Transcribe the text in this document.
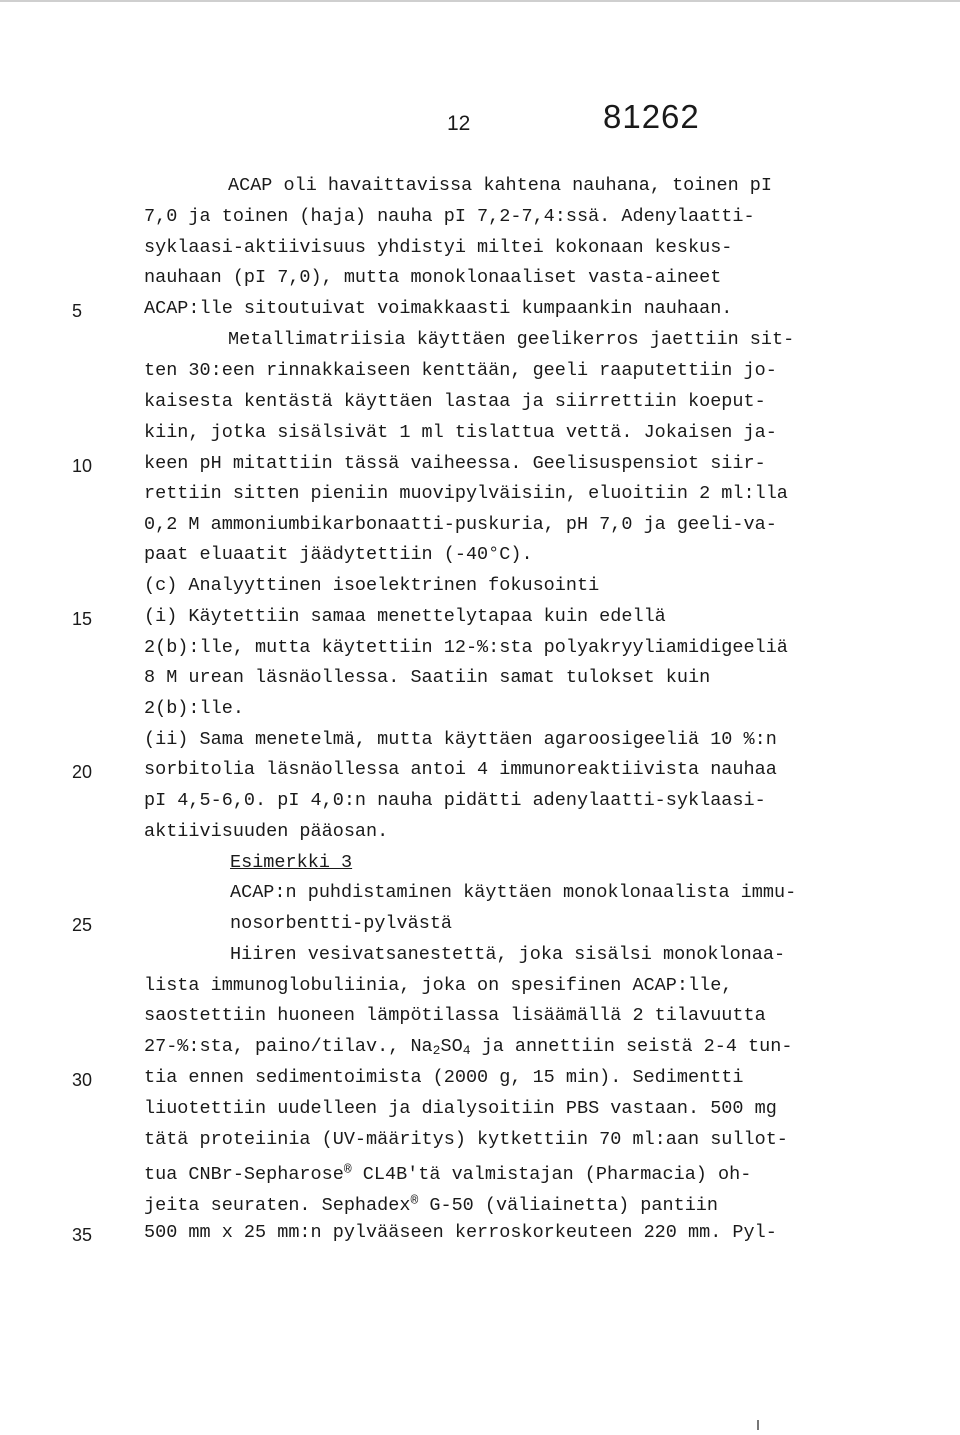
12	81262
5
10
15
20
25
30
35
ACAP oli havaittavissa kahtena nauhana, toinen pI
7,0 ja toinen (haja) nauha pI 7,2-7,4:ssä. Adenylaatti-
syklaasi-aktiivisuus yhdistyi miltei kokonaan keskus-
nauhaan (pI 7,0), mutta monoklonaaliset vasta-aineet
ACAP:lle sitoutuivat voimakkaasti kumpaankin nauhaan.
Metallimatriisia käyttäen geelikerros jaettiin sit-
ten 30:een rinnakkaiseen kenttään, geeli raaputettiin jo-
kaisesta kentästä käyttäen lastaa ja siirrettiin koeput-
kiin, jotka sisälsivät 1 ml tislattua vettä. Jokaisen ja-
keen pH mitattiin tässä vaiheessa. Geelisuspensiot siir-
rettiin sitten pieniin muovipylväisiin, eluoitiin 2 ml:lla
0,2 M ammoniumbikarbonaatti-puskuria, pH 7,0 ja geeli-va-
paat eluaatit jäädytettiin (-40°C).
(c) Analyyttinen isoelektrinen fokusointi
(i) Käytettiin samaa menettelytapaa kuin edellä
2(b):lle, mutta käytettiin 12-%:sta polyakryyliamidigeeliä
8 M urean läsnäollessa. Saatiin samat tulokset kuin
2(b):lle.
(ii) Sama menetelmä, mutta käyttäen agaroosigeeliä 10 %:n
sorbitolia läsnäollessa antoi 4 immunoreaktiivista nauhaa
pI 4,5-6,0. pI 4,0:n nauha pidätti adenylaatti-syklaasi-
aktiivisuuden pääosan.
Esimerkki 3
ACAP:n puhdistaminen käyttäen monoklonaalista immu-
nosorbentti-pylvästä
Hiiren vesivatsanestettä, joka sisälsi monoklonaa-
lista immunoglobuliinia, joka on spesifinen ACAP:lle,
saostettiin huoneen lämpötilassa lisäämällä 2 tilavuutta
27-%:sta, paino/tilav., $Na_2SO_4$ ja annettiin seistä 2-4 tun-
tia ennen sedimentoimista (2000 g, 15 min). Sedimentti
liuotettiin uudelleen ja dialysoitiin PBS vastaan. 500 mg
tätä proteiinia (UV-määritys) kytkettiin 70 ml:aan sullot-
tua CNBr-Sepharose® CL4B'tä valmistajan (Pharmacia) oh-
jeita seuraten. Sephadex® G-50 (väliainetta) pantiin
500 mm x 25 mm:n pylvääseen kerroskorkeuteen 220 mm. Pyl-
